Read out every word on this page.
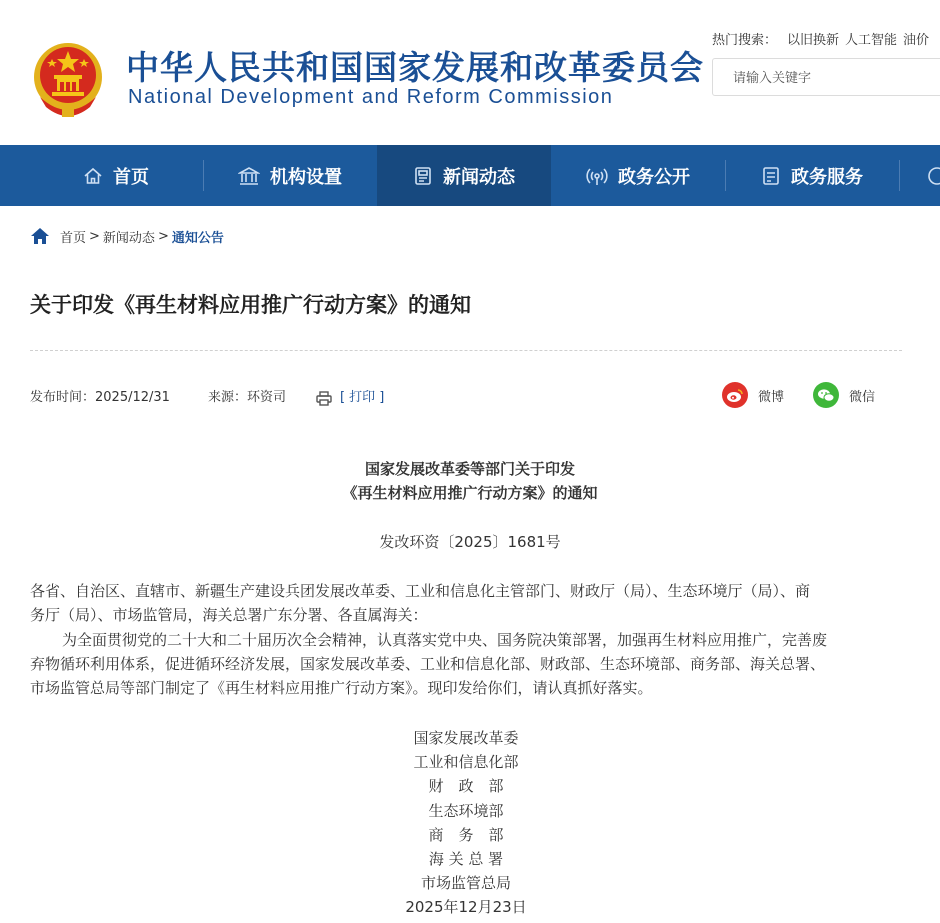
中华人民共和国国家发展和改革委员会
National Development and Reform Commission
热门搜索： 以旧换新 人工智能 油价
请输入关键字
首页	机构设置	新闻动态	政务公开	政务服务
首页 > 新闻动态 > 通知公告
关于印发《再生材料应用推广行动方案》的通知
发布时间：2025/12/31	来源：环资司	[ 打印 ]	微博	微信
国家发展改革委等部门关于印发
《再生材料应用推广行动方案》的通知
发改环资〔2025〕1681号
各省、自治区、直辖市、新疆生产建设兵团发展改革委、工业和信息化主管部门、财政厅（局）、生态环境厅（局）、商
务厅（局）、市场监管局，海关总署广东分署、各直属海关：
为全面贯彻党的二十大和二十届历次全会精神，认真落实党中央、国务院决策部署，加强再生材料应用推广，完善废
弃物循环利用体系，促进循环经济发展，国家发展改革委、工业和信息化部、财政部、生态环境部、商务部、海关总署、
市场监管总局等部门制定了《再生材料应用推广行动方案》。现印发给你们，请认真抓好落实。
国家发展改革委
工业和信息化部
财　政　部
生态环境部
商　务　部
海 关 总 署
市场监管总局
2025年12月23日
